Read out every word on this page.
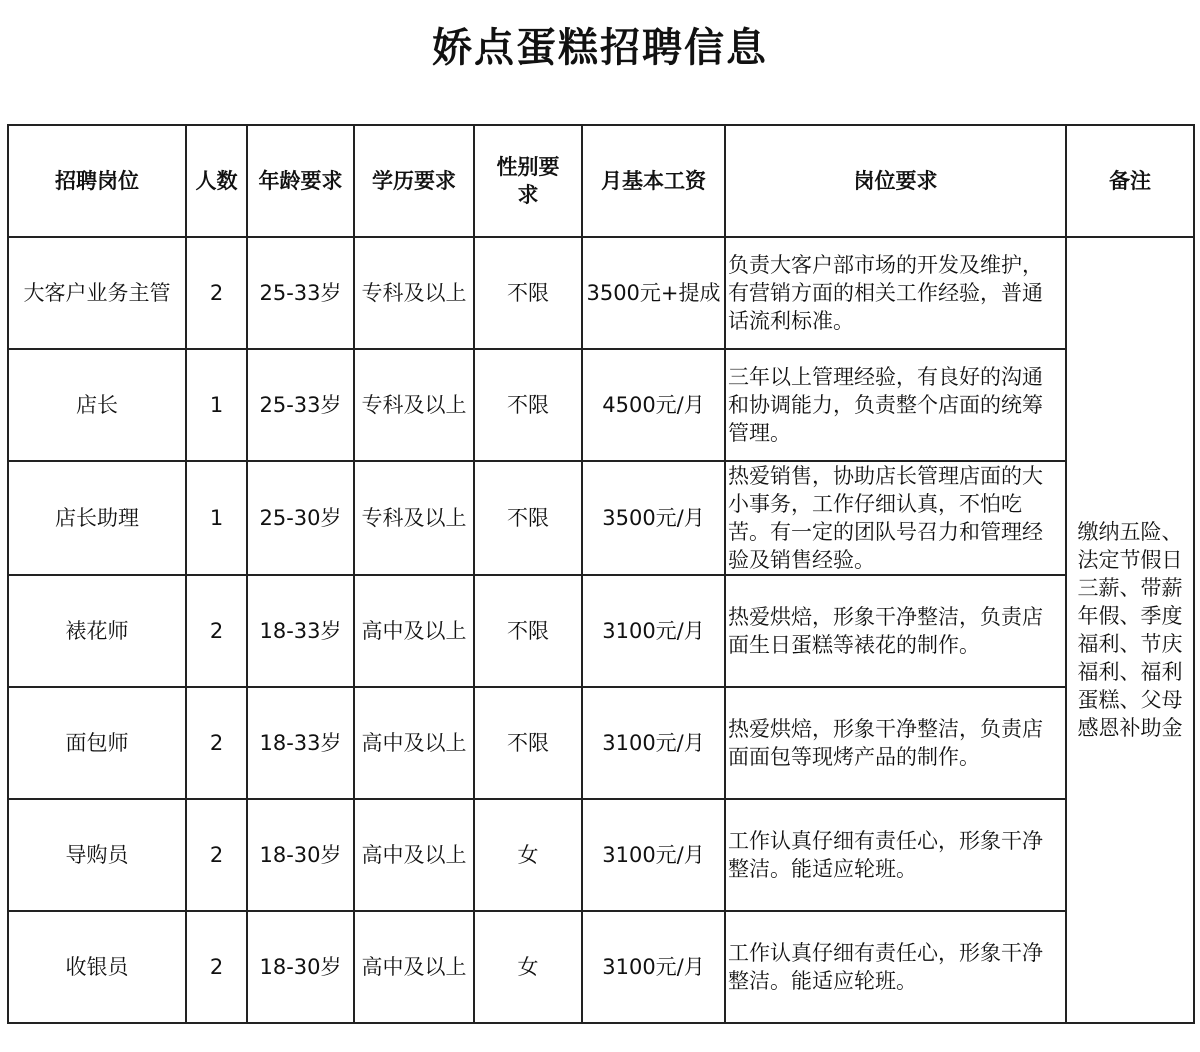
娇点蛋糕招聘信息
招聘岗位	人数	年龄要求	学历要求	性别要求	月基本工资	岗位要求	备注
大客户业务主管	2	25-33岁	专科及以上	不限	3500元+提成	负责大客户部市场的开发及维护，有营销方面的相关工作经验，普通话流利标准。	缴纳五险、法定节假日三薪、带薪年假、季度福利、节庆福利、福利蛋糕、父母感恩补助金
店长	1	25-33岁	专科及以上	不限	4500元/月	三年以上管理经验，有良好的沟通和协调能力，负责整个店面的统筹管理。	
店长助理	1	25-30岁	专科及以上	不限	3500元/月	热爱销售，协助店长管理店面的大小事务，工作仔细认真，不怕吃苦。有一定的团队号召力和管理经验及销售经验。	
裱花师	2	18-33岁	高中及以上	不限	3100元/月	热爱烘焙，形象干净整洁，负责店面生日蛋糕等裱花的制作。	
面包师	2	18-33岁	高中及以上	不限	3100元/月	热爱烘焙，形象干净整洁，负责店面面包等现烤产品的制作。	
导购员	2	18-30岁	高中及以上	女	3100元/月	工作认真仔细有责任心，形象干净整洁。能适应轮班。	
收银员	2	18-30岁	高中及以上	女	3100元/月	工作认真仔细有责任心，形象干净整洁。能适应轮班。	
